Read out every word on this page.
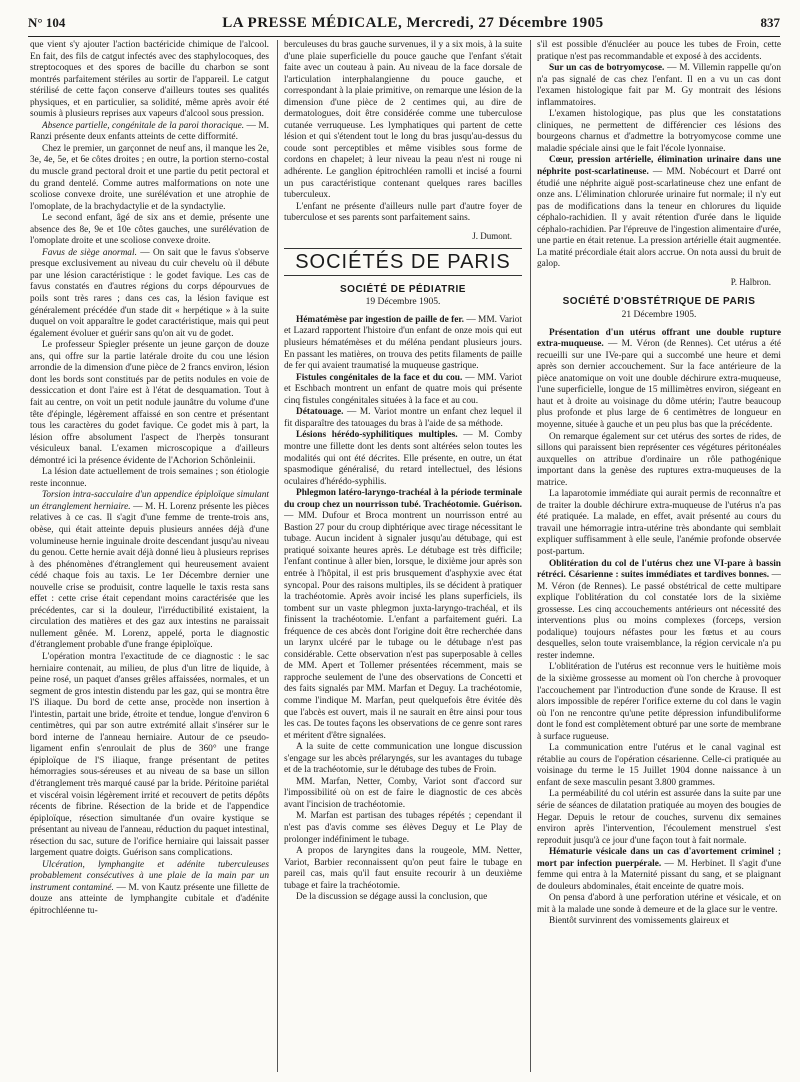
N° 104	LA PRESSE MÉDICALE, Mercredi, 27 Décembre 1905	837

que vient s'y ajouter l'action bactéricide chimique de l'alcool. En fait, des fils de catgut infectés avec des staphylocoques, des streptocoques et des spores de bacille du charbon se sont montrés parfaitement stériles au sortir de l'appareil. Le catgut stérilisé de cette façon conserve d'ailleurs toutes ses qualités physiques, et en particulier, sa solidité, même après avoir été soumis à plusieurs reprises aux vapeurs d'alcool sous pression.

Absence partielle, congénitale de la paroi thoracique. — M. Ranzi présente deux enfants atteints de cette difformité.

Chez le premier, un garçonnet de neuf ans, il manque les 2e, 3e, 4e, 5e, et 6e côtes droites ; en outre, la portion sterno-costal du muscle grand pectoral droit et une partie du petit pectoral et du grand dentelé. Comme autres malformations on note une scoliose convexe droite, une surélévation et une atrophie de l'omoplate, de la brachydactylie et de la syndactylie.

Le second enfant, âgé de six ans et demie, présente une absence des 8e, 9e et 10e côtes gauches, une surélévation de l'omoplate droite et une scoliose convexe droite.

Favus de siège anormal. — On sait que le favus s'observe presque exclusivement au niveau du cuir chevelu où il débute par une lésion caractéristique : le godet favique. Les cas de favus constatés en d'autres régions du corps dépourvues de poils sont très rares ; dans ces cas, la lésion favique est généralement précédée d'un stade dit « herpétique » à la suite duquel on voit apparaître le godet caractéristique, mais qui peut également évoluer et guérir sans qu'on ait vu de godet.

Le professeur Spiegler présente un jeune garçon de douze ans, qui offre sur la partie latérale droite du cou une lésion arrondie de la dimension d'une pièce de 2 francs environ, lésion dont les bords sont constitués par de petits nodules en voie de dessiccation et dont l'aire est à l'état de desquamation. Tout à fait au centre, on voit un petit nodule jaunâtre du volume d'une tête d'épingle, légèrement affaissé en son centre et présentant tous les caractères du godet favique. Ce godet mis à part, la lésion offre absolument l'aspect de l'herpès tonsurant vésiculeux banal. L'examen microscopique a d'ailleurs démontré ici la présence évidente de l'Achorion Schönleinii.

La lésion date actuellement de trois semaines ; son étiologie reste inconnue.

Torsion intra-sacculaire d'un appendice épiploïque simulant un étranglement herniaire. — M. H. Lorenz présente les pièces relatives à ce cas. Il s'agit d'une femme de trente-trois ans, obèse, qui était atteinte depuis plusieurs années déjà d'une volumineuse hernie inguinale droite descendant jusqu'au niveau du genou. Cette hernie avait déjà donné lieu à plusieurs reprises à des phénomènes d'étranglement qui heureusement avaient cédé chaque fois au taxis. Le 1er Décembre dernier une nouvelle crise se produisit, contre laquelle le taxis resta sans effet : cette crise était cependant moins caractérisée que les précédentes, car si la douleur, l'irréductibilité existaient, la circulation des matières et des gaz aux intestins ne paraissait nullement gênée. M. Lorenz, appelé, porta le diagnostic d'étranglement probable d'une frange épiploïque.

L'opération montra l'exactitude de ce diagnostic : le sac herniaire contenait, au milieu, de plus d'un litre de liquide, à peine rosé, un paquet d'anses grêles affaissées, normales, et un segment de gros intestin distendu par les gaz, qui se montra être l'S iliaque. Du bord de cette anse, procède non insertion à l'intestin, partait une bride, étroite et tendue, longue d'environ 6 centimètres, qui par son autre extrémité allait s'insérer sur le bord interne de l'anneau herniaire. Autour de ce pseudo-ligament enfin s'enroulait de plus de 360° une frange épiploïque de l'S iliaque, frange présentant de petites hémorragies sous-séreuses et au niveau de sa base un sillon d'étranglement très marqué causé par la bride. Péritoine pariétal et viscéral voisin légèrement irrité et recouvert de petits dépôts récents de fibrine. Résection de la bride et de l'appendice épiploïque, résection simultanée d'un ovaire kystique se présentant au niveau de l'anneau, réduction du paquet intestinal, résection du sac, suture de l'orifice herniaire qui laissait passer largement quatre doigts. Guérison sans complications.

Ulcération, lymphangite et adénite tuberculeuses probablement consécutives à une plaie de la main par un instrument contaminé. — M. von Kautz présente une fillette de douze ans atteinte de lymphangite cubitale et d'adénite épitrochléenne tu-

berculeuses du bras gauche survenues, il y a six mois, à la suite d'une plaie superficielle du pouce gauche que l'enfant s'était faite avec un couteau à pain. Au niveau de la face dorsale de l'articulation interphalangienne du pouce gauche, et correspondant à la plaie primitive, on remarque une lésion de la dimension d'une pièce de 2 centimes qui, au dire de dermatologues, doit être considérée comme une tuberculose cutanée verruqueuse. Les lymphatiques qui partent de cette lésion et qui s'étendent tout le long du bras jusqu'au-dessus du coude sont perceptibles et même visibles sous forme de cordons en chapelet; à leur niveau la peau n'est ni rouge ni adhérente. Le ganglion épitrochléen ramolli et incisé a fourni un pus caractéristique contenant quelques rares bacilles tuberculeux.

L'enfant ne présente d'ailleurs nulle part d'autre foyer de tuberculose et ses parents sont parfaitement sains.

J. Dumont.
SOCIÉTÉS DE PARIS
SOCIÉTÉ DE PÉDIATRIE
19 Décembre 1905.

Hématémèse par ingestion de paille de fer. — MM. Variot et Lazard rapportent l'histoire d'un enfant de onze mois qui eut plusieurs hématémèses et du méléna pendant plusieurs jours. En passant les matières, on trouva des petits filaments de paille de fer qui avaient traumatisé la muqueuse gastrique.

Fistules congénitales de la face et du cou. — MM. Variot et Eschbach montrent un enfant de quatre mois qui présente cinq fistules congénitales situées à la face et au cou.

Détatouage. — M. Variot montre un enfant chez lequel il fit disparaître des tatouages du bras à l'aide de sa méthode.

Lésions hérédo-syphilitiques multiples. — M. Comby montre une fillette dont les dents sont altérées selon toutes les modalités qui ont été décrites. Elle présente, en outre, un état spasmodique généralisé, du retard intellectuel, des lésions oculaires d'hérédo-syphilis.

Phlegmon latéro-laryngo-trachéal à la période terminale du croup chez un nourrisson tubé. Trachéotomie. Guérison. — MM. Dufour et Broca montrent un nourrisson entré au Bastion 27 pour du croup diphtérique avec tirage nécessitant le tubage. Aucun incident à signaler jusqu'au détubage, qui est pratiqué soixante heures après. Le détubage est très difficile; l'enfant continue à aller bien, lorsque, le dixième jour après son entrée à l'hôpital, il est pris brusquement d'asphyxie avec état syncopal. Pour des raisons multiples, ils se décident à pratiquer la trachéotomie. Après avoir incisé les plans superficiels, ils tombent sur un vaste phlegmon juxta-laryngo-trachéal, et ils finissent la trachéotomie. L'enfant a parfaitement guéri. La fréquence de ces abcès dont l'origine doit être recherchée dans un larynx ulcéré par le tubage ou le détubage n'est pas considérable. Cette observation n'est pas superposable à celles de MM. Apert et Tollemer présentées récemment, mais se rapproche seulement de l'une des observations de Concetti et des faits signalés par MM. Marfan et Deguy. La trachéotomie, comme l'indique M. Marfan, peut quelquefois être évitée dès que l'abcès est ouvert, mais il ne saurait en être ainsi pour tous les cas. De toutes façons les observations de ce genre sont rares et méritent d'être signalées.

A la suite de cette communication une longue discussion s'engage sur les abcès prélaryngés, sur les avantages du tubage et de la trachéotomie, sur le détubage des tubes de Froin.

MM. Marfan, Netter, Comby, Variot sont d'accord sur l'impossibilité où on est de faire le diagnostic de ces abcès avant l'incision de trachéotomie.

M. Marfan est partisan des tubages répétés ; cependant il n'est pas d'avis comme ses élèves Deguy et Le Play de prolonger indéfiniment le tubage.

A propos de laryngites dans la rougeole, MM. Netter, Variot, Barbier reconnaissent qu'on peut faire le tubage en pareil cas, mais qu'il faut ensuite recourir à un deuxième tubage et faire la trachéotomie.

De la discussion se dégage aussi la conclusion, que

s'il est possible d'énucléer au pouce les tubes de Froin, cette pratique n'est pas recommandable et exposé à des accidents.

Sur un cas de botryomycose. — M. Villemin rappelle qu'on n'a pas signalé de cas chez l'enfant. Il en a vu un cas dont l'examen histologique fait par M. Gy montrait des lésions inflammatoires.

L'examen histologique, pas plus que les constatations cliniques, ne permettent de différencier ces lésions des bourgeons charnus et d'admettre la botryomycose comme une maladie spéciale ainsi que le fait l'école lyonnaise.

Cœur, pression artérielle, élimination urinaire dans une néphrite post-scarlatineuse. — MM. Nobécourt et Darré ont étudié une néphrite aiguë post-scarlatineuse chez une enfant de onze ans. L'élimination chlorurée urinaire fut normale; il n'y eut pas de modifications dans la teneur en chlorures du liquide céphalo-rachidien. Il y avait rétention d'urée dans le liquide céphalo-rachidien. Par l'épreuve de l'ingestion alimentaire d'urée, une partie en était retenue. La pression artérielle était augmentée. La matité précordiale était alors accrue. On nota aussi du bruit de galop.

P. Halbron.
SOCIÉTÉ D'OBSTÉTRIQUE DE PARIS
21 Décembre 1905.

Présentation d'un utérus offrant une double rupture extra-muqueuse. — M. Véron (de Rennes). Cet utérus a été recueilli sur une IVe-pare qui a succombé une heure et demi après son dernier accouchement. Sur la face antérieure de la pièce anatomique on voit une double déchirure extra-muqueuse, l'une superficielle, longue de 15 millimètres environ, siégeant en haut et à droite au voisinage du dôme utérin; l'autre beaucoup plus profonde et plus large de 6 centimètres de longueur en moyenne, située à gauche et un peu plus bas que la précédente.

On remarque également sur cet utérus des sortes de rides, de sillons qui paraissent bien représenter ces végétures péritonéales auxquelles on attribue d'ordinaire un rôle pathogénique important dans la genèse des ruptures extra-muqueuses de la matrice.

La laparotomie immédiate qui aurait permis de reconnaître et de traiter la double déchirure extra-muqueuse de l'utérus n'a pas été pratiquée. La malade, en effet, avait présenté au cours du travail une hémorragie intra-utérine très abondante qui semblait expliquer suffisamment à elle seule, l'anémie profonde observée post-partum.

Oblitération du col de l'utérus chez une VI-pare à bassin rétréci. Césarienne : suites immédiates et tardives bonnes. — M. Véron (de Rennes). Le passé obstétrical de cette multipare explique l'oblitération du col constatée lors de la sixième grossesse. Les cinq accouchements antérieurs ont nécessité des interventions plus ou moins complexes (forceps, version podalique) toujours néfastes pour les fœtus et au cours desquelles, selon toute vraisemblance, la région cervicale n'a pu rester indemne.

L'oblitération de l'utérus est reconnue vers le huitième mois de la sixième grossesse au moment où l'on cherche à provoquer l'accouchement par l'introduction d'une sonde de Krause. Il est alors impossible de repérer l'orifice externe du col dans le vagin où l'on ne rencontre qu'une petite dépression infundibuliforme dont le fond est complètement obturé par une sorte de membrane à surface rugueuse.

La communication entre l'utérus et le canal vaginal est rétablie au cours de l'opération césarienne. Celle-ci pratiquée au voisinage du terme le 15 Juillet 1904 donne naissance à un enfant de sexe masculin pesant 3.800 grammes.

La perméabilité du col utérin est assurée dans la suite par une série de séances de dilatation pratiquée au moyen des bougies de Hegar. Depuis le retour de couches, survenu dix semaines environ après l'intervention, l'écoulement menstruel s'est reproduit jusqu'à ce jour d'une façon tout à fait normale.

Hématurie vésicale dans un cas d'avortement criminel ; mort par infection puerpérale. — M. Herbinet. Il s'agit d'une femme qui entra à la Maternité pissant du sang, et se plaignant de douleurs abdominales, était enceinte de quatre mois.

On pensa d'abord à une perforation utérine et vésicale, et on mit à la malade une sonde à demeure et de la glace sur le ventre.

Bientôt survinrent des vomissements glaireux et
